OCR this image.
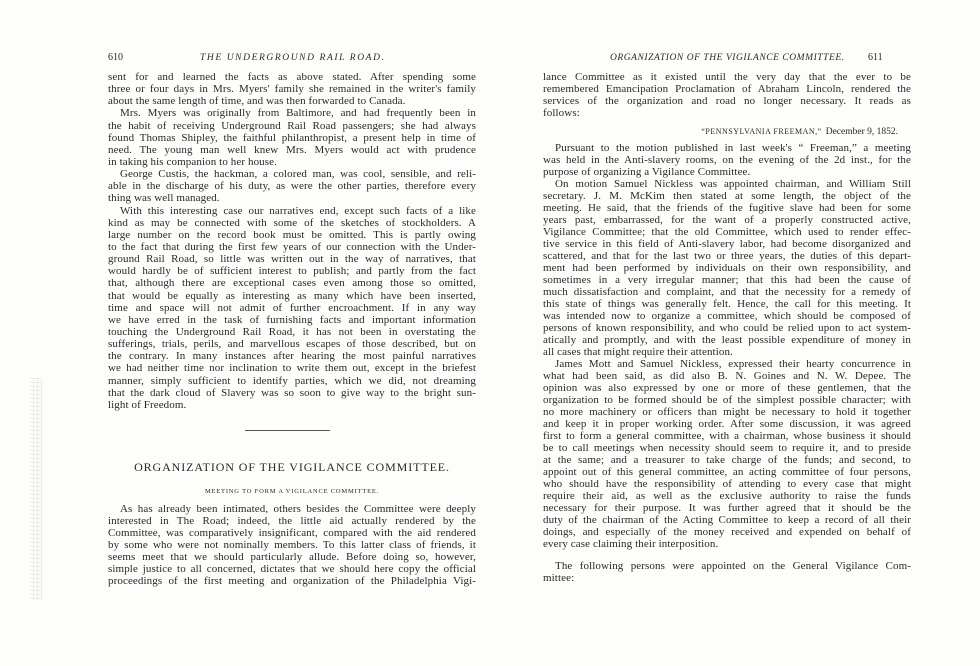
610	THE UNDERGROUND RAIL ROAD.
sent for and learned the facts as above stated. After spending some
three or four days in Mrs. Myers' family she remained in the writer's family
about the same length of time, and was then forwarded to Canada.
Mrs. Myers was originally from Baltimore, and had frequently been in
the habit of receiving Underground Rail Road passengers; she had always
found Thomas Shipley, the faithful philanthropist, a present help in time of
need. The young man well knew Mrs. Myers would act with prudence
in taking his companion to her house.
George Custis, the hackman, a colored man, was cool, sensible, and reli-
able in the discharge of his duty, as were the other parties, therefore every
thing was well managed.
With this interesting case our narratives end, except such facts of a like
kind as may be connected with some of the sketches of stockholders. A
large number on the record book must be omitted. This is partly owing
to the fact that during the first few years of our connection with the Under-
ground Rail Road, so little was written out in the way of narratives, that
would hardly be of sufficient interest to publish; and partly from the fact
that, although there are exceptional cases even among those so omitted,
that would be equally as interesting as many which have been inserted,
time and space will not admit of further encroachment. If in any way
we have erred in the task of furnishing facts and important information
touching the Underground Rail Road, it has not been in overstating the
sufferings, trials, perils, and marvellous escapes of those described, but on
the contrary. In many instances after hearing the most painful narratives
we had neither time nor inclination to write them out, except in the briefest
manner, simply sufficient to identify parties, which we did, not dreaming
that the dark cloud of Slavery was so soon to give way to the bright sun-
light of Freedom.
ORGANIZATION OF THE VIGILANCE COMMITTEE.
MEETING TO FORM A VIGILANCE COMMITTEE.
As has already been intimated, others besides the Committee were deeply
interested in The Road; indeed, the little aid actually rendered by the
Committee, was comparatively insignificant, compared with the aid rendered
by some who were not nominally members. To this latter class of friends, it
seems meet that we should particularly allude. Before doing so, however,
simple justice to all concerned, dictates that we should here copy the official
proceedings of the first meeting and organization of the Philadelphia Vigi-
ORGANIZATION OF THE VIGILANCE COMMITTEE. 611
lance Committee as it existed until the very day that the ever to be
remembered Emancipation Proclamation of Abraham Lincoln, rendered the
services of the organization and road no longer necessary. It reads as
follows:
“PENNSYLVANIA FREEMAN,” December 9, 1852.
Pursuant to the motion published in last week's “ Freeman,” a meeting
was held in the Anti-slavery rooms, on the evening of the 2d inst., for the
purpose of organizing a Vigilance Committee.
On motion Samuel Nickless was appointed chairman, and William Still
secretary. J. M. McKim then stated at some length, the object of the
meeting. He said, that the friends of the fugitive slave had been for some
years past, embarrassed, for the want of a properly constructed active,
Vigilance Committee; that the old Committee, which used to render effec-
tive service in this field of Anti-slavery labor, had become disorganized and
scattered, and that for the last two or three years, the duties of this depart-
ment had been performed by individuals on their own responsibility, and
sometimes in a very irregular manner; that this had been the cause of
much dissatisfaction and complaint, and that the necessity for a remedy of
this state of things was generally felt. Hence, the call for this meeting. It
was intended now to organize a committee, which should be composed of
persons of known responsibility, and who could be relied upon to act system-
atically and promptly, and with the least possible expenditure of money in
all cases that might require their attention.
James Mott and Samuel Nickless, expressed their hearty concurrence in
what had been said, as did also B. N. Goines and N. W. Depee. The
opinion was also expressed by one or more of these gentlemen, that the
organization to be formed should be of the simplest possible character; with
no more machinery or officers than might be necessary to hold it together
and keep it in proper working order. After some discussion, it was agreed
first to form a general committee, with a chairman, whose business it should
be to call meetings when necessity should seem to require it, and to preside
at the same; and a treasurer to take charge of the funds; and second, to
appoint out of this general committee, an acting committee of four persons,
who should have the responsibility of attending to every case that might
require their aid, as well as the exclusive authority to raise the funds
necessary for their purpose. It was further agreed that it should be the
duty of the chairman of the Acting Committee to keep a record of all their
doings, and especially of the money received and expended on behalf of
every case claiming their interposition.
The following persons were appointed on the General Vigilance Com-
mittee:
